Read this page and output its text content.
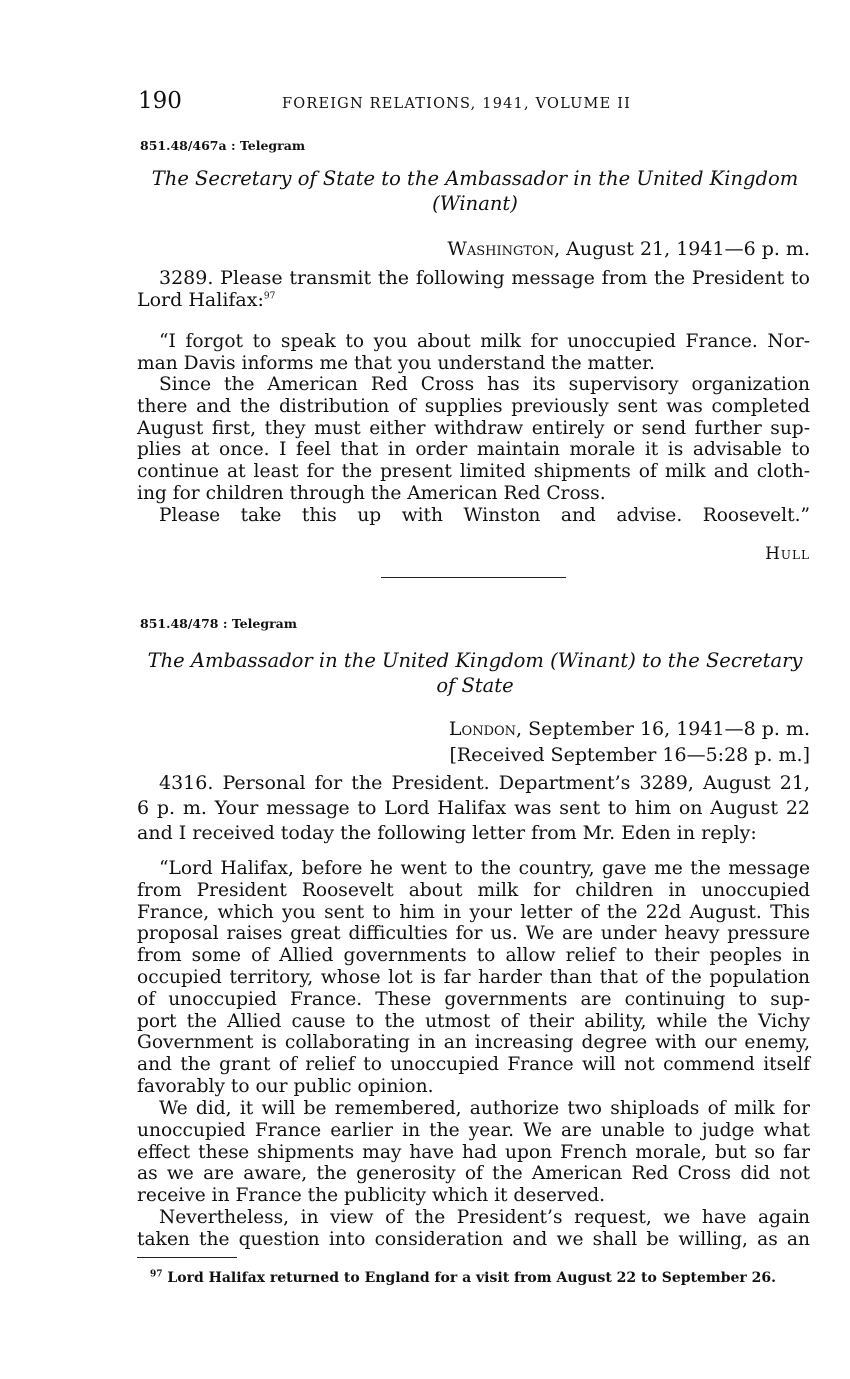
190	FOREIGN RELATIONS, 1941, VOLUME II
851.48/467a : Telegram
The Secretary of State to the Ambassador in the United Kingdom
(Winant)
Washington, August 21, 1941—6 p. m.
3289. Please transmit the following message from the President to
Lord Halifax:$^{97}$
“I forgot to speak to you about milk for unoccupied France. Nor-
man Davis informs me that you understand the matter.
Since the American Red Cross has its supervisory organization
there and the distribution of supplies previously sent was completed
August first, they must either withdraw entirely or send further sup-
plies at once. I feel that in order maintain morale it is advisable to
continue at least for the present limited shipments of milk and cloth-
ing for children through the American Red Cross.
Please take this up with Winston and advise. Roosevelt.”
Hull
851.48/478 : Telegram
The Ambassador in the United Kingdom (Winant) to the Secretary
of State
London, September 16, 1941—8 p. m.
[Received September 16—5:28 p. m.]
4316. Personal for the President. Department’s 3289, August 21,
6 p. m. Your message to Lord Halifax was sent to him on August 22
and I received today the following letter from Mr. Eden in reply:
“Lord Halifax, before he went to the country, gave me the message
from President Roosevelt about milk for children in unoccupied
France, which you sent to him in your letter of the 22d August. This
proposal raises great difficulties for us. We are under heavy pressure
from some of Allied governments to allow relief to their peoples in
occupied territory, whose lot is far harder than that of the population
of unoccupied France. These governments are continuing to sup-
port the Allied cause to the utmost of their ability, while the Vichy
Government is collaborating in an increasing degree with our enemy,
and the grant of relief to unoccupied France will not commend itself
favorably to our public opinion.
We did, it will be remembered, authorize two shiploads of milk for
unoccupied France earlier in the year. We are unable to judge what
effect these shipments may have had upon French morale, but so far
as we are aware, the generosity of the American Red Cross did not
receive in France the publicity which it deserved.
Nevertheless, in view of the President’s request, we have again
taken the question into consideration and we shall be willing, as an
$^{97}$ Lord Halifax returned to England for a visit from August 22 to September 26.
